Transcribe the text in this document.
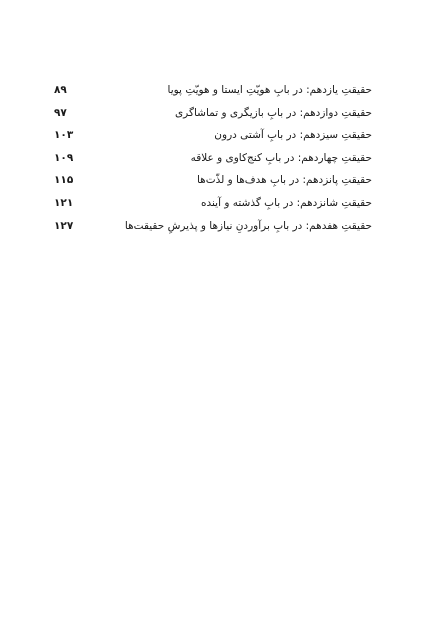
حقیقتِ یازدهم: در بابِ هویّتِ ایستا و هویّتِ پویا
۸۹
حقیقتِ دوازدهم: در بابِ بازیگری و تماشاگری
۹۷
حقیقتِ سیزدهم: در بابِ آشتی درون
۱۰۳
حقیقتِ چهاردهم: در بابِ کنج‌کاوی و علاقه
۱۰۹
حقیقتِ پانزدهم: در بابِ هدف‌ها و لذّت‌ها
۱۱۵
حقیقتِ شانزدهم: در بابِ گذشته و آینده
۱۲۱
حقیقتِ هفدهم: در بابِ برآوردنِ نیازها و پذیرشِ حقیقت‌ها
۱۲۷
